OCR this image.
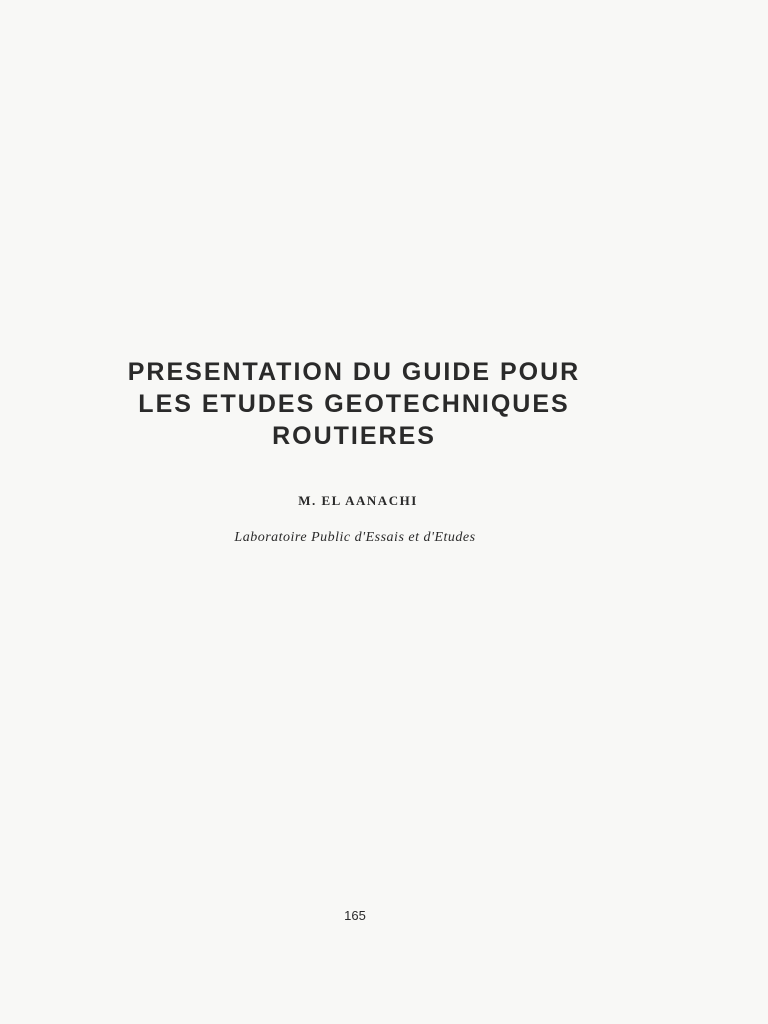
PRESENTATION DU GUIDE POUR
LES ETUDES GEOTECHNIQUES
ROUTIERES
M. EL AANACHI
Laboratoire Public d'Essais et d'Etudes
165
